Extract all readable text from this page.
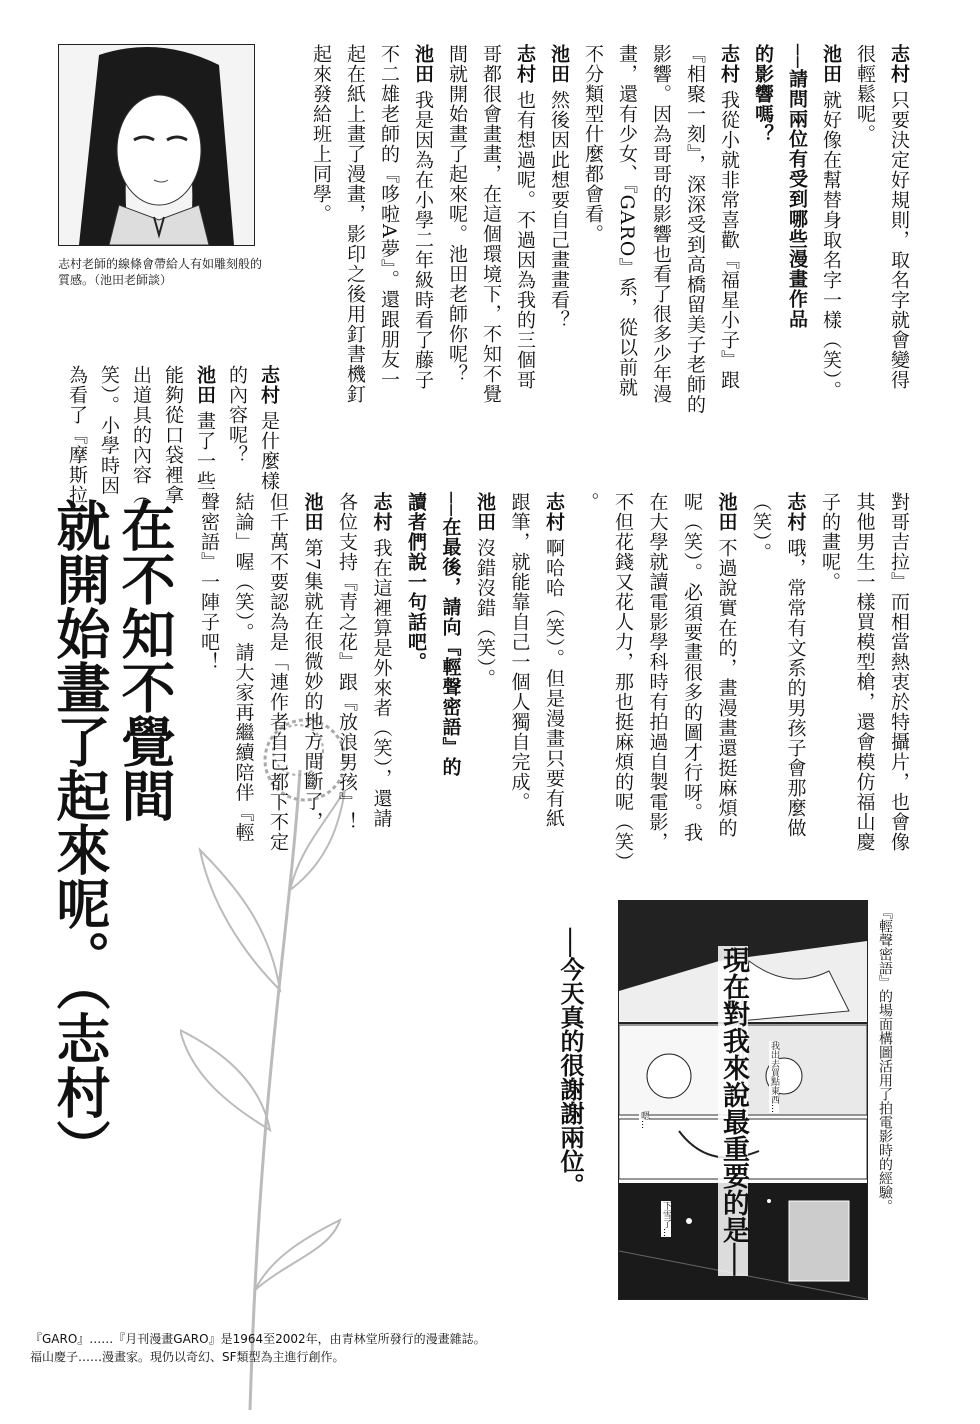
志村老師的線條會帶給人有如雕刻般的質感。（池田老師談）
志村只要決定好規則，取名字就會變得
很輕鬆呢。
池田就好像在幫替身取名字一樣（笑）。
──請問兩位有受到哪些漫畫作品
的影響嗎？
志村我從小就非常喜歡『福星小子』跟
『相聚一刻』，深深受到高橋留美子老師的
影響。因為哥哥的影響也看了很多少年漫
畫，還有少女、『GARO』系，從以前就
不分類型什麼都會看。
池田然後因此想要自己畫畫看？
志村也有想過呢。不過因為我的三個哥
哥都很會畫畫，在這個環境下，不知不覺
間就開始畫了起來呢。池田老師你呢？
池田我是因為在小學二年級時看了藤子
不二雄老師的『哆啦A夢』。還跟朋友一
起在紙上畫了漫畫，影印之後用釘書機釘
起來發給班上同學。
志村是什麼樣
的內容呢？
池田畫了一些
能夠從口袋裡拿
出道具的內容（
笑）。小學時因
為看了『摩斯拉
在不知不覺間
就開始畫了起來呢。（志村）	對哥吉拉』而相當熱衷於特攝片，也會像
其他男生一樣買模型槍，還會模仿福山慶
子的畫呢。
志村哦，常常有文系的男孩子會那麼做
（笑）。
池田不過說實在的，畫漫畫還挺麻煩的
呢（笑）。必須要畫很多的圖才行呀。我
在大學就讀電影學科時有拍過自製電影，
不但花錢又花人力，那也挺麻煩的呢（笑）
。
志村啊哈哈（笑）。但是漫畫只要有紙
跟筆，就能靠自己一個人獨自完成。
池田沒錯沒錯（笑）。
──在最後，請向『輕聲密語』的
讀者們說一句話吧。
志村我在這裡算是外來者（笑），還請
各位支持『青之花』跟『放浪男孩』！
池田第7集就在很微妙的地方間斷了，
但千萬不要認為是「連作者自己都下不定
結論」喔（笑）。請大家再繼續陪伴『輕
聲密語』一陣子吧！
我出去買點東西…
下雪了…
嗯…	現在對我來說最重要的是──	『輕聲密語』的場面構圖活用了拍電影時的經驗。
──今天真的很謝謝兩位。
『GARO』……『月刊漫畫GARO』是1964至2002年，由青林堂所發行的漫畫雜誌。
福山慶子……漫畫家。現仍以奇幻、SF類型為主進行創作。
